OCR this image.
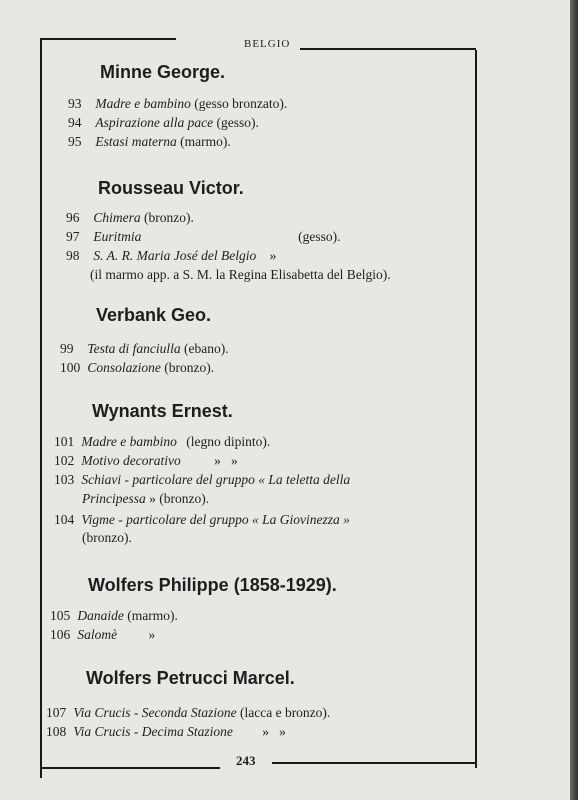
BELGIO
Minne George.
93 Madre e bambino (gesso bronzato).
94 Aspirazione alla pace (gesso).
95 Estasi materna (marmo).
Rousseau Victor.
96 Chimera (bronzo).
97 Euritmia	(gesso).
98 S. A. R. Maria José del Belgio »
(il marmo app. a S. M. la Regina Elisabetta del Belgio).
Verbank Geo.
99 Testa di fanciulla (ebano).
100 Consolazione (bronzo).
Wynants Ernest.
101 Madre e bambino (legno dipinto).
102 Motivo decorativo »   »
103 Schiavi - particolare del gruppo « La teletta della
Principessa » (bronzo).
104 Vigme - particolare del gruppo « La Giovinezza »
(bronzo).
Wolfers Philippe (1858-1929).
105 Danaide (marmo).
106 Salomè »
Wolfers Petrucci Marcel.
107 Via Crucis - Seconda Stazione (lacca e bronzo).
108 Via Crucis - Decima Stazione »   »
243
